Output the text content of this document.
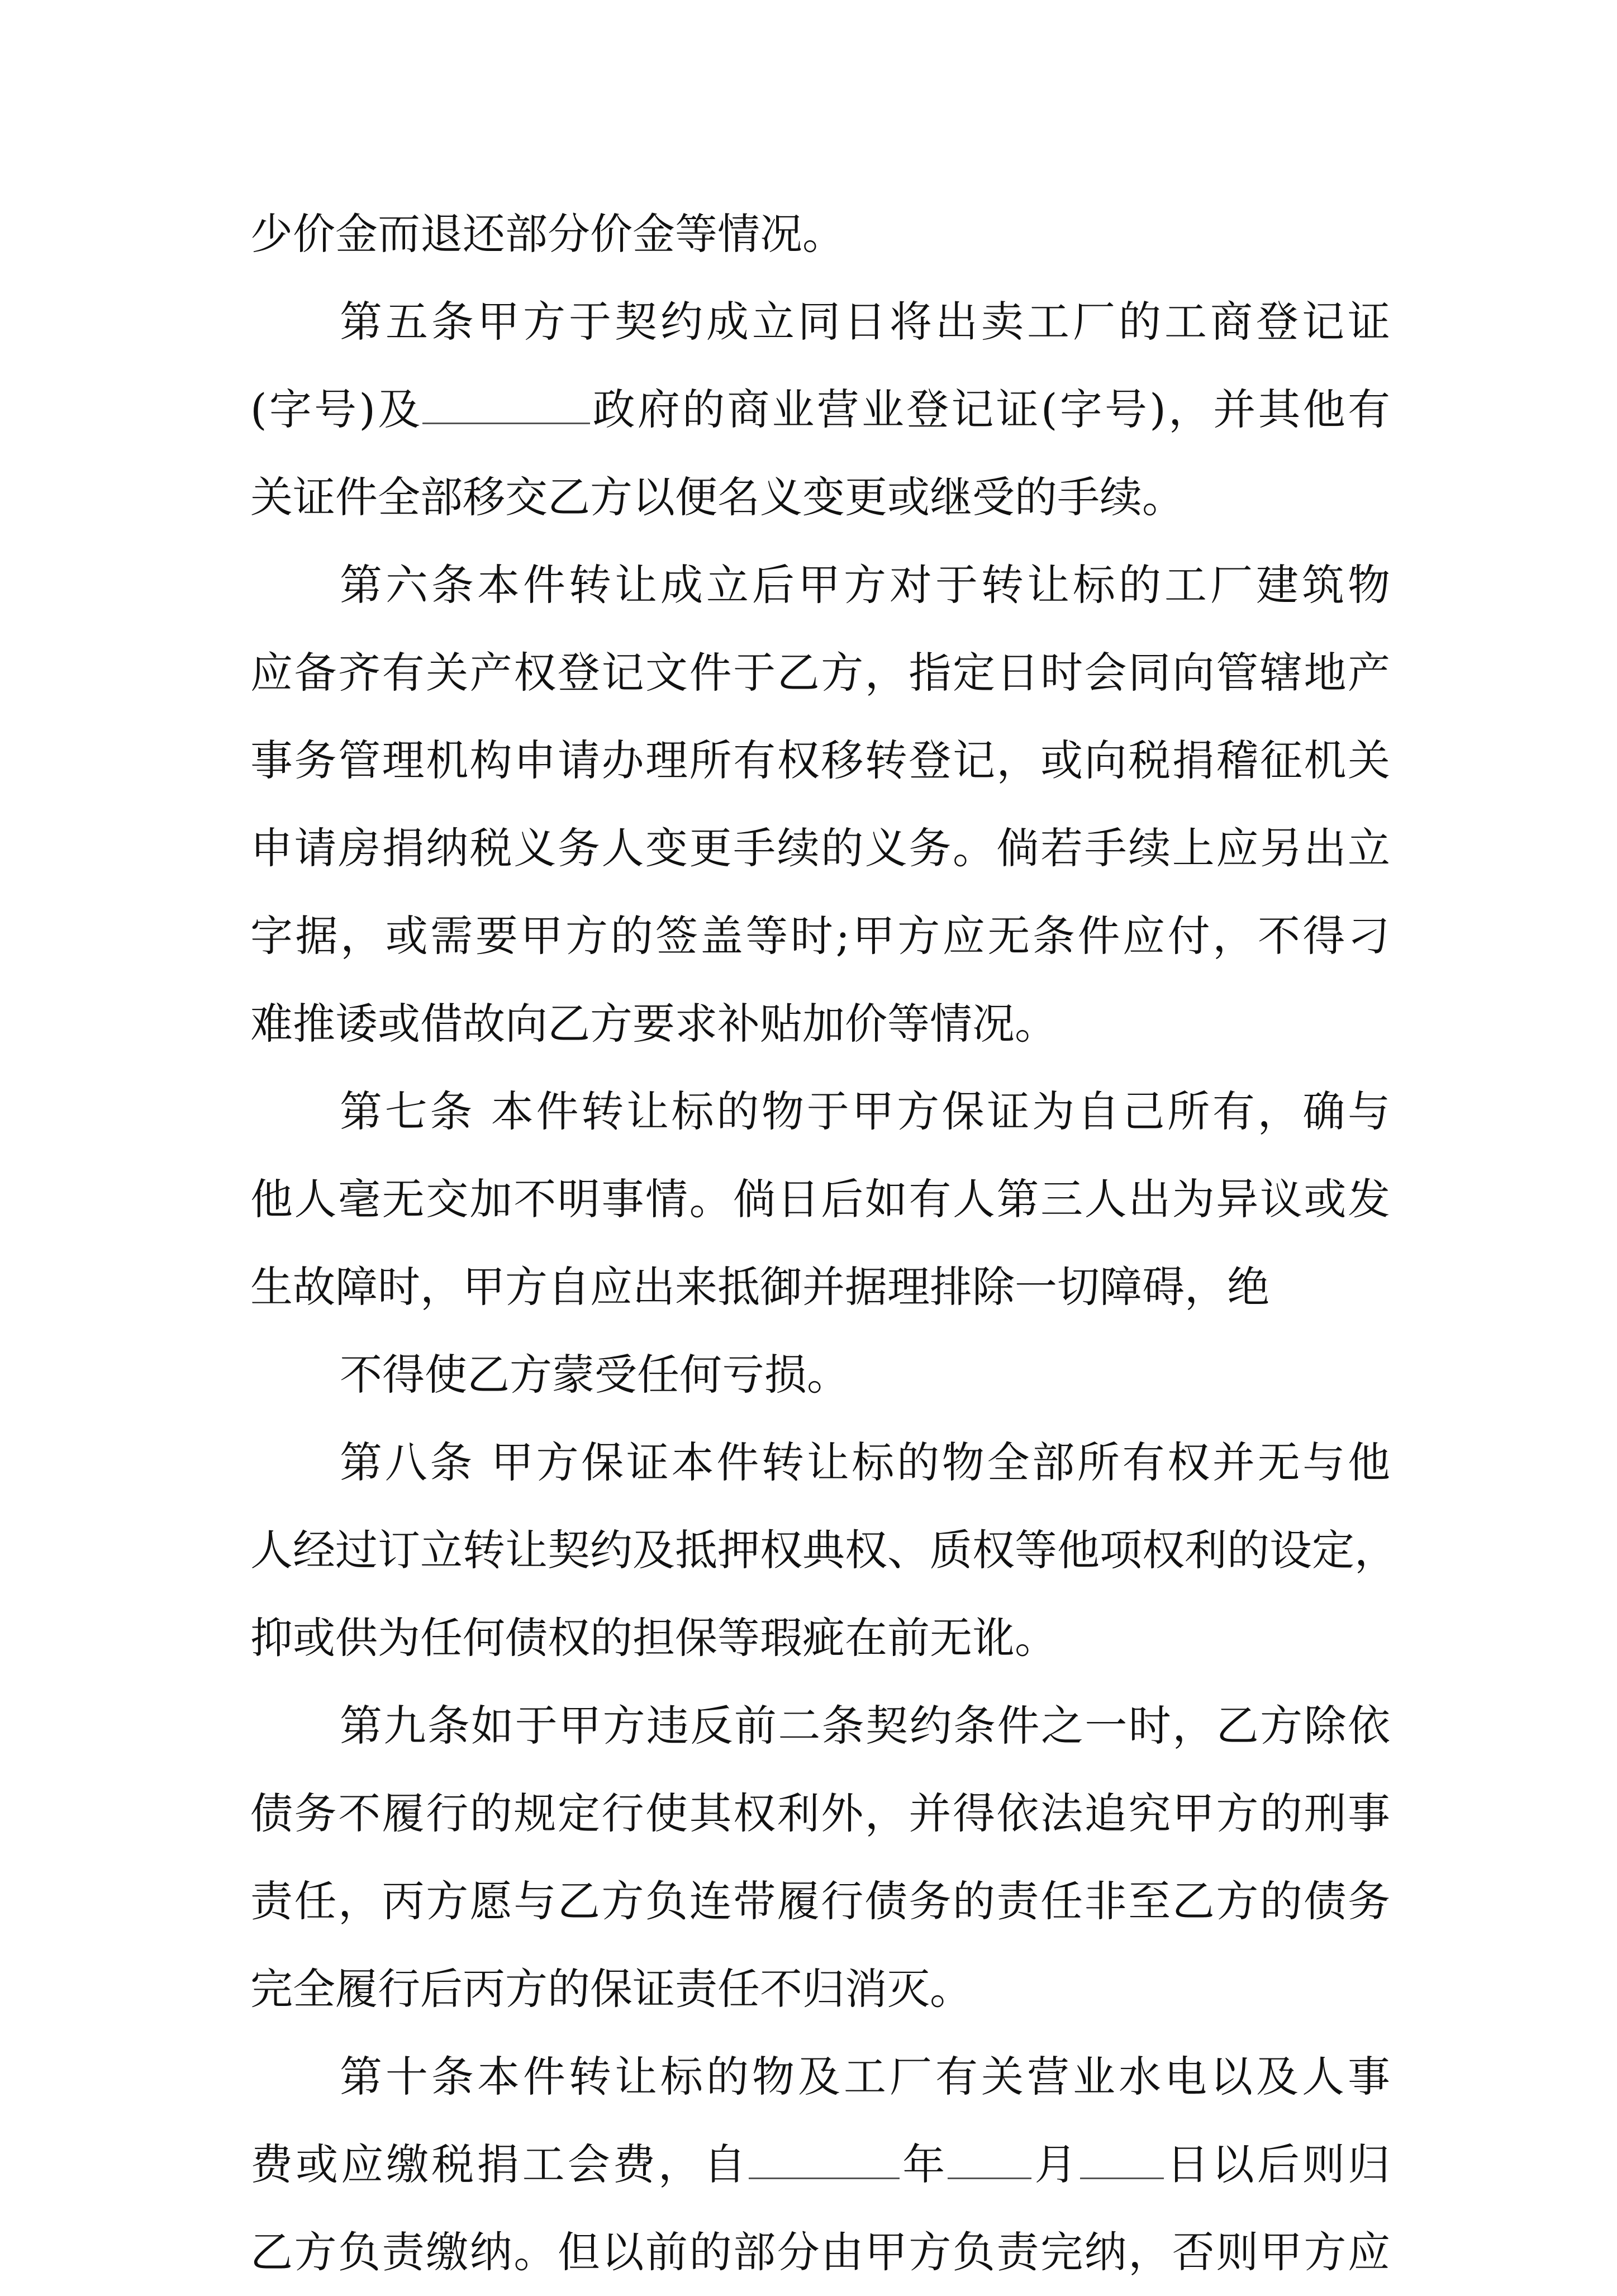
少价金而退还部分价金等情况。
第五条甲方于契约成立同日将出卖工厂的工商登记证
(字号)及	政府的商业营业登记证(字号)，并其他有
关证件全部移交乙方以便名义变更或继受的手续。
第六条本件转让成立后甲方对于转让标的工厂建筑物
应备齐有关产权登记文件于乙方，指定日时会同向管辖地产
事务管理机构申请办理所有权移转登记，或向税捐稽征机关
申请房捐纳税义务人变更手续的义务。倘若手续上应另出立
字据，或需要甲方的签盖等时;甲方应无条件应付，不得刁
难推诿或借故向乙方要求补贴加价等情况。
第七条 本件转让标的物于甲方保证为自己所有，确与
他人毫无交加不明事情。倘日后如有人第三人出为异议或发
生故障时，甲方自应出来抵御并据理排除一切障碍，绝
不得使乙方蒙受任何亏损。
第八条 甲方保证本件转让标的物全部所有权并无与他
人经过订立转让契约及抵押权典权、质权等他项权利的设定，
抑或供为任何债权的担保等瑕疵在前无讹。
第九条如于甲方违反前二条契约条件之一时，乙方除依
债务不履行的规定行使其权利外，并得依法追究甲方的刑事
责任，丙方愿与乙方负连带履行债务的责任非至乙方的债务
完全履行后丙方的保证责任不归消灭。
第十条本件转让标的物及工厂有关营业水电以及人事
费或应缴税捐工会费，自	年 月 日以后则归
乙方负责缴纳。但以前的部分由甲方负责完纳，否则甲方应
